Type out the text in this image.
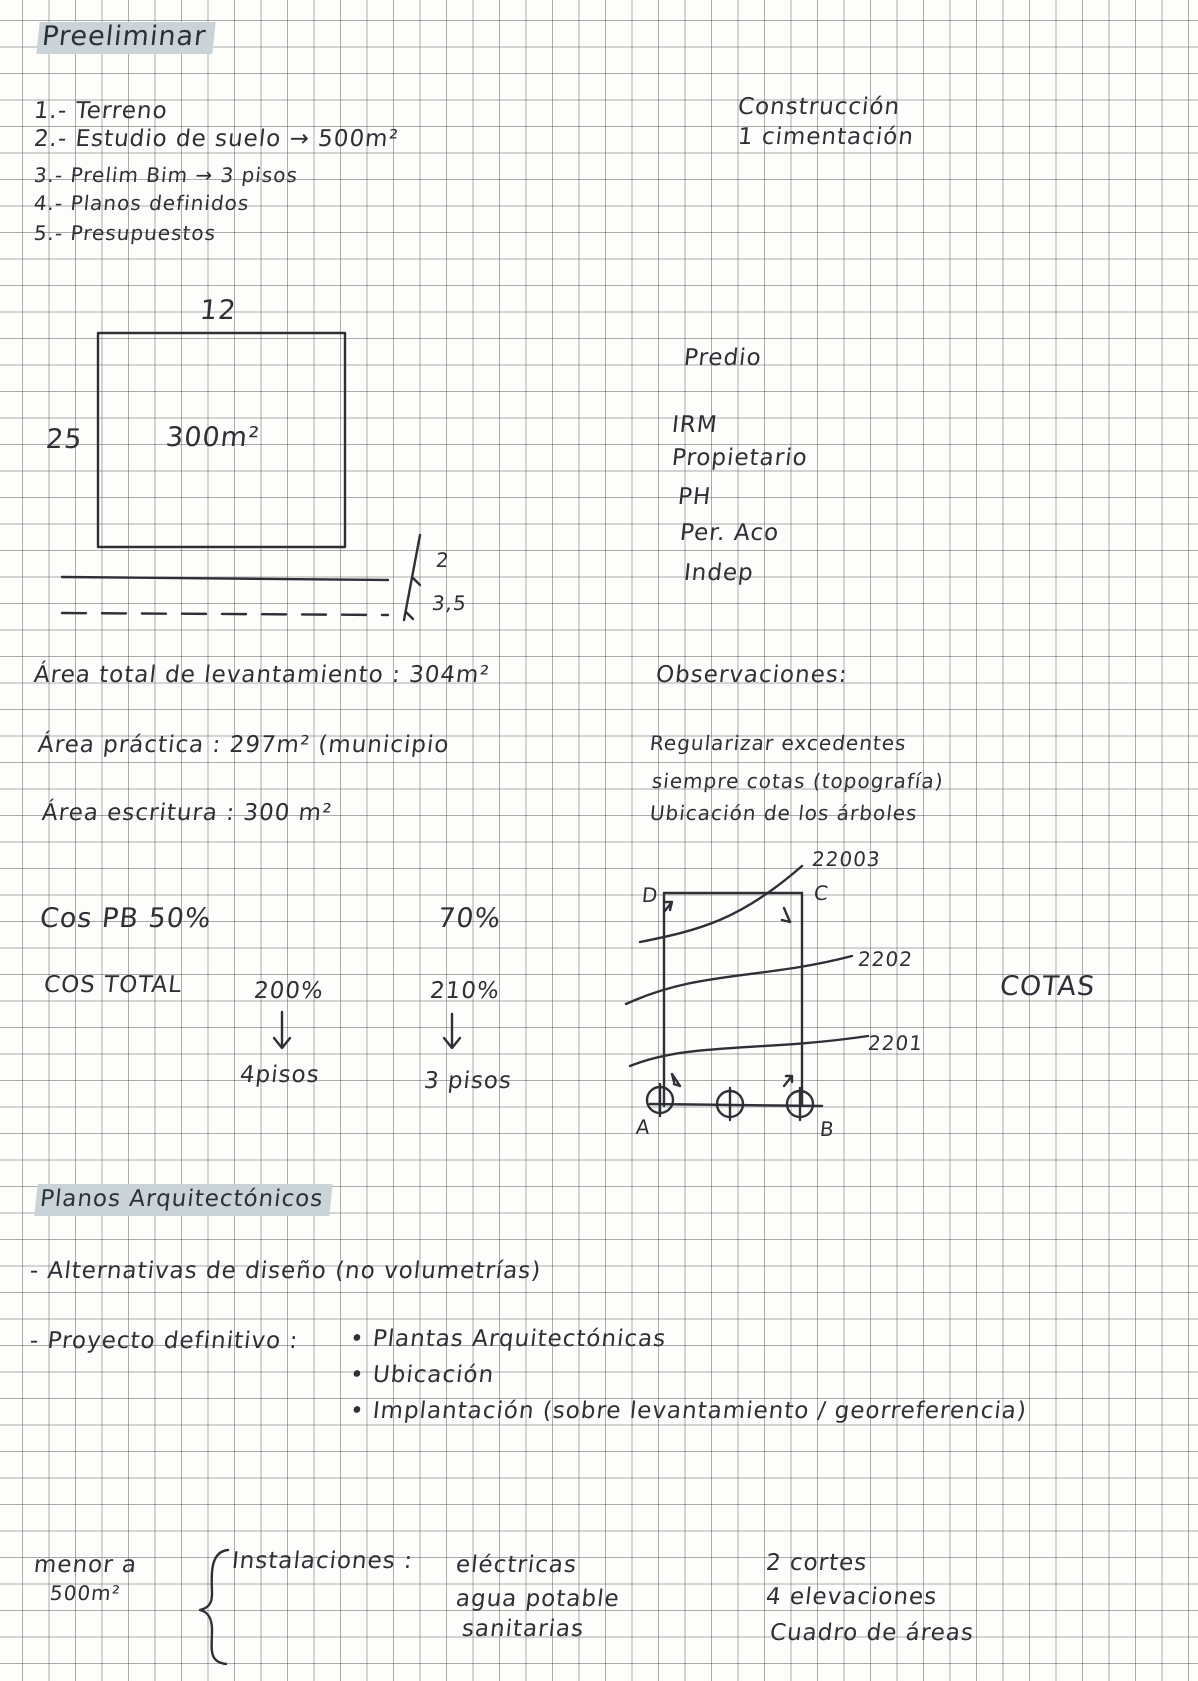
Preeliminar
1.- Terreno
2.- Estudio de suelo → 500m²
3.- Prelim Bim → 3 pisos
4.- Planos definidos
5.- Presupuestos
Construcción
1 cimentación
12
25	300m²
2
3,5
Predio
IRM
Propietario
PH
Per. Aco
Indep
Área total de levantamiento : 304m²
Área práctica : 297m² (municipio
Área escritura : 300 m²
Observaciones:
Regularizar excedentes
siempre cotas (topografía)
Ubicación de los árboles
Cos PB 50%	70%
COS TOTAL	200%	210%
4pisos	3 pisos
D	C
A	B
22003
2202
2201
COTAS
Planos Arquitectónicos
- Alternativas de diseño (no volumetrías)
- Proyecto definitivo : • Plantas Arquitectónicas
• Ubicación
• Implantación (sobre levantamiento / georreferencia)
menor a
500m²
Instalaciones : eléctricas
agua potable
sanitarias
2 cortes
4 elevaciones
Cuadro de áreas
